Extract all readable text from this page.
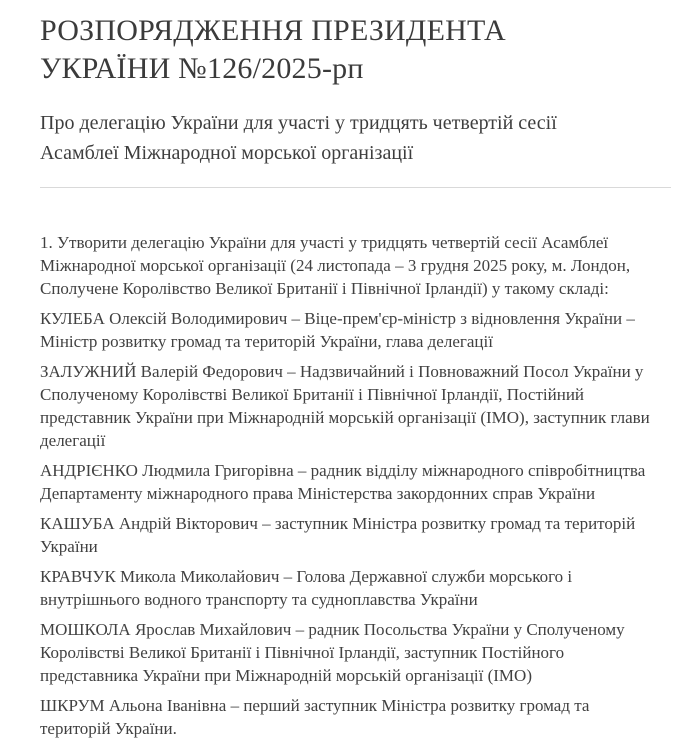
РОЗПОРЯДЖЕННЯ ПРЕЗИДЕНТА УКРАЇНИ №126/2025-рп
Про делегацію України для участі у тридцять четвертій сесії Асамблеї Міжнародної морської організації

1. Утворити делегацію України для участі у тридцять четвертій сесії Асамблеї Міжнародної морської організації (24 листопада – 3 грудня 2025 року, м. Лондон, Сполучене Королівство Великої Британії і Північної Ірландії) у такому складі:

КУЛЕБА Олексій Володимирович – Віце-прем'єр-міністр з відновлення України – Міністр розвитку громад та територій України, глава делегації

ЗАЛУЖНИЙ Валерій Федорович – Надзвичайний і Повноважний Посол України у Сполученому Королівстві Великої Британії і Північної Ірландії, Постійний представник України при Міжнародній морській організації (ІМО), заступник глави делегації

АНДРІЄНКО Людмила Григорівна – радник відділу міжнародного співробітництва Департаменту міжнародного права Міністерства закордонних справ України

КАШУБА Андрій Вікторович – заступник Міністра розвитку громад та територій України

КРАВЧУК Микола Миколайович – Голова Державної служби морського і внутрішнього водного транспорту та судноплавства України

МОШКОЛА Ярослав Михайлович – радник Посольства України у Сполученому Королівстві Великої Британії і Північної Ірландії, заступник Постійного представника України при Міжнародній морській організації (ІМО)

ШКРУМ Альона Іванівна – перший заступник Міністра розвитку громад та територій України.
